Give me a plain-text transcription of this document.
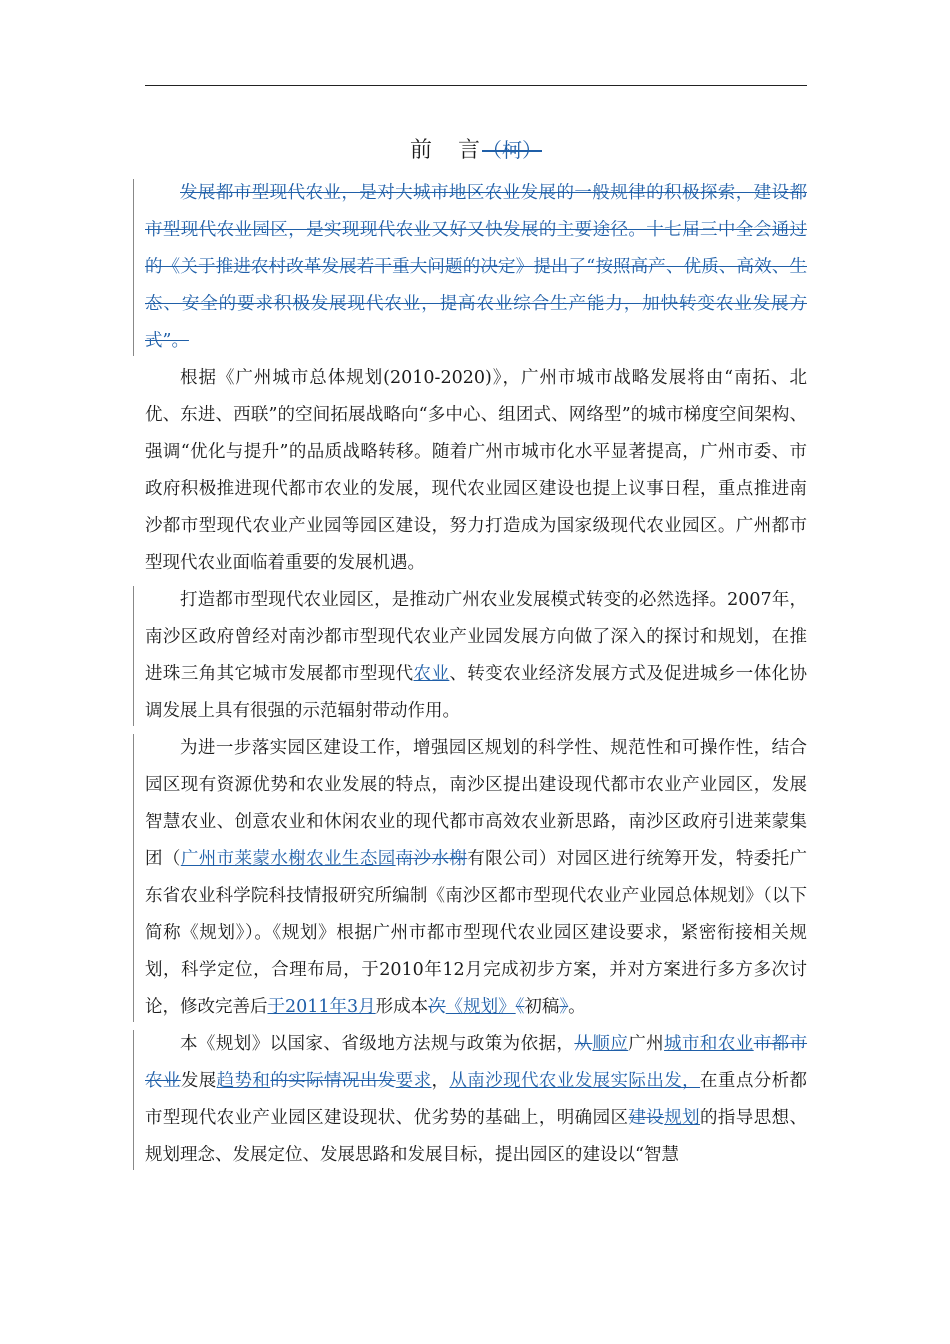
前　言（柯）

发展都市型现代农业，是对大城市地区农业发展的一般规律的积极探索，建设都市型现代农业园区，是实现现代农业又好又快发展的主要途径。十七届三中全会通过的《关于推进农村改革发展若干重大问题的决定》提出了“按照高产、优质、高效、生态、安全的要求积极发展现代农业，提高农业综合生产能力，加快转变农业发展方式”。

根据《广州城市总体规划(2010-2020)》，广州市城市战略发展将由“南拓、北优、东进、西联”的空间拓展战略向“多中心、组团式、网络型”的城市梯度空间架构、强调“优化与提升”的品质战略转移。随着广州市城市化水平显著提高，广州市委、市政府积极推进现代都市农业的发展，现代农业园区建设也提上议事日程，重点推进南沙都市型现代农业产业园等园区建设，努力打造成为国家级现代农业园区。广州都市型现代农业面临着重要的发展机遇。

打造都市型现代农业园区，是推动广州农业发展模式转变的必然选择。2007年，南沙区政府曾经对南沙都市型现代农业产业园发展方向做了深入的探讨和规划，在推进珠三角其它城市发展都市型现代农业、转变农业经济发展方式及促进城乡一体化协调发展上具有很强的示范辐射带动作用。

为进一步落实园区建设工作，增强园区规划的科学性、规范性和可操作性，结合园区现有资源优势和农业发展的特点，南沙区提出建设现代都市农业产业园区，发展智慧农业、创意农业和休闲农业的现代都市高效农业新思路，南沙区政府引进莱蒙集团（广州市莱蒙水榭农业生态园南沙水榭有限公司）对园区进行统筹开发，特委托广东省农业科学院科技情报研究所编制《南沙区都市型现代农业产业园总体规划》（以下简称《规划》）。《规划》根据广州市都市型现代农业园区建设要求，紧密衔接相关规划，科学定位，合理布局，于2010年12月完成初步方案，并对方案进行多方多次讨论，修改完善后于2011年3月形成本次《规划》《初稿》。

本《规划》以国家、省级地方法规与政策为依据，从顺应广州城市和农业市都市农业发展趋势和的实际情况出发要求，从南沙现代农业发展实际出发，在重点分析都市型现代农业产业园区建设现状、优劣势的基础上，明确园区建设规划的指导思想、规划理念、发展定位、发展思路和发展目标，提出园区的建设以“智慧
